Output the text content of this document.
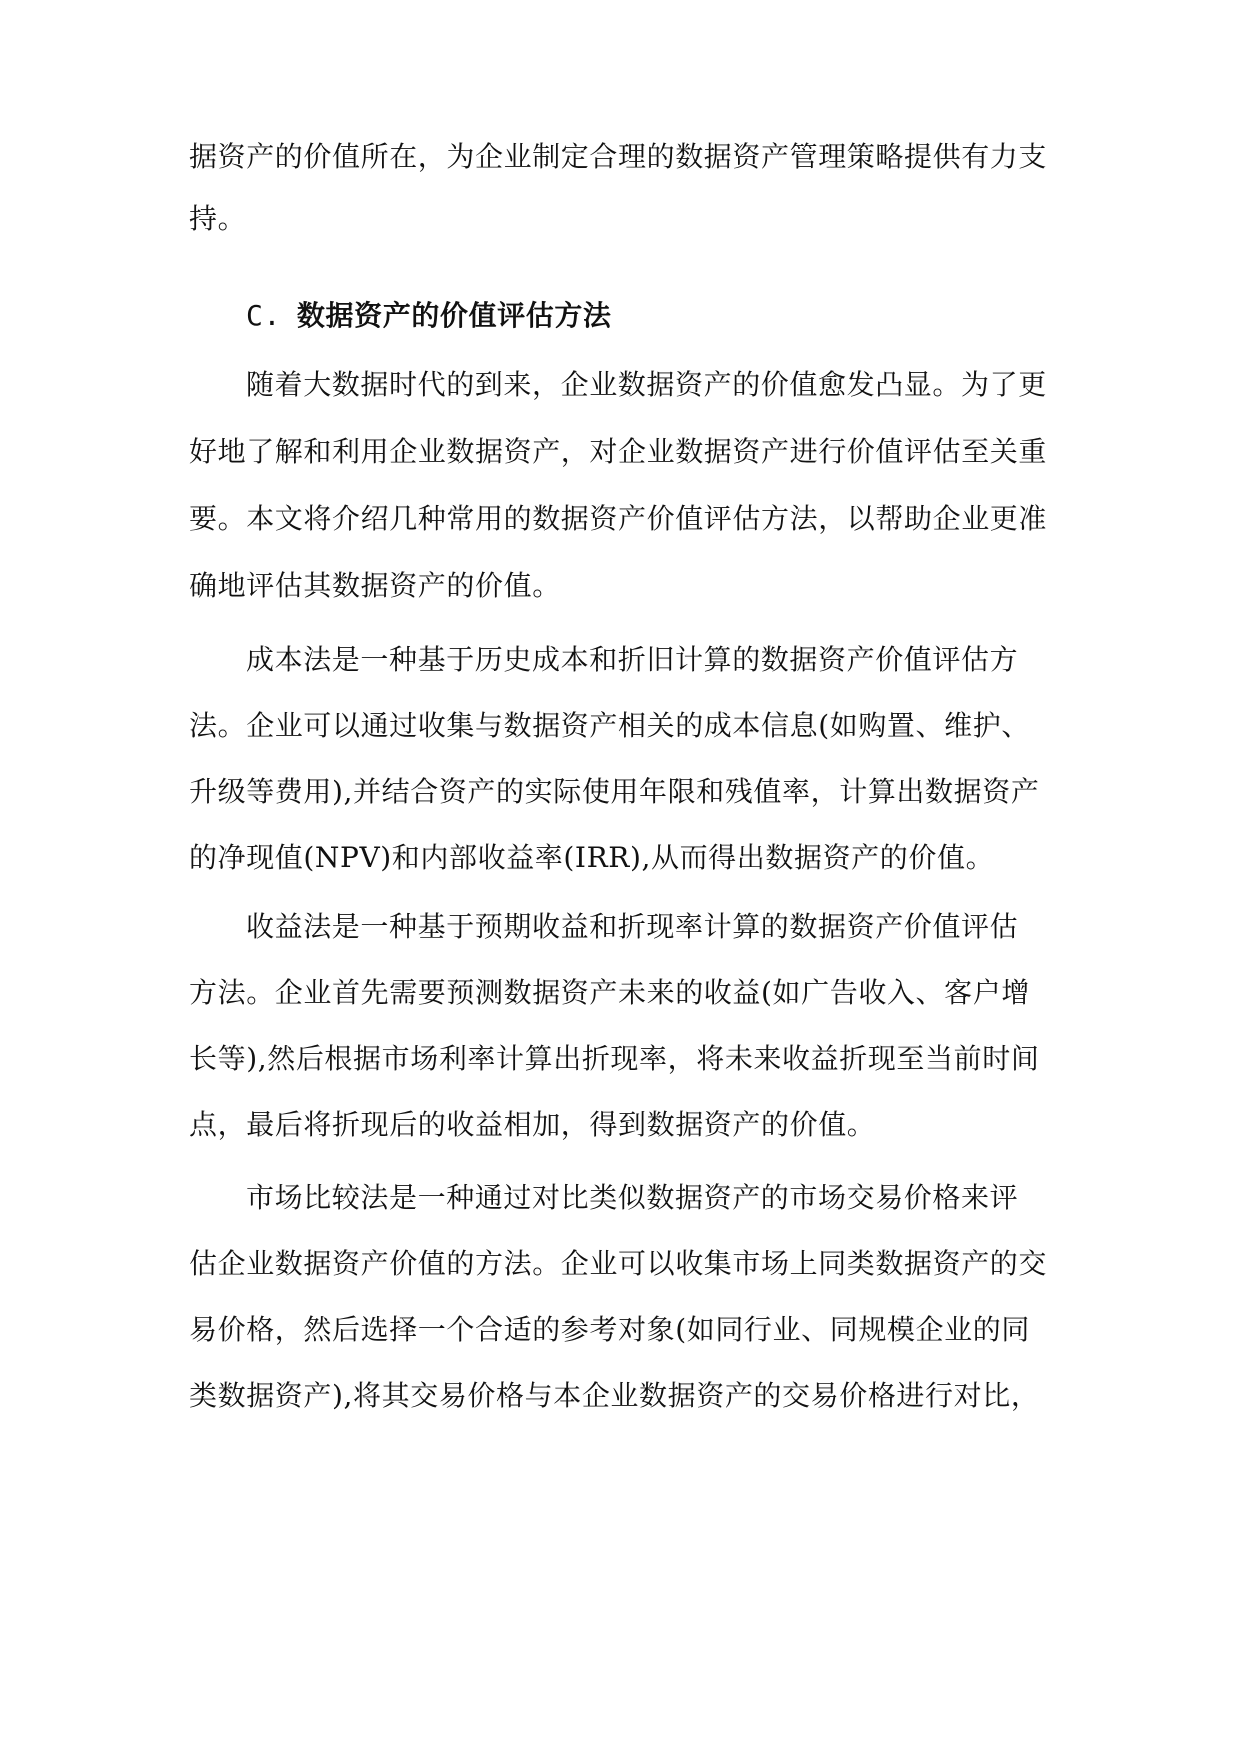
据资产的价值所在，为企业制定合理的数据资产管理策略提供有力支
持。
C. 数据资产的价值评估方法
随着大数据时代的到来，企业数据资产的价值愈发凸显。为了更
好地了解和利用企业数据资产，对企业数据资产进行价值评估至关重
要。本文将介绍几种常用的数据资产价值评估方法，以帮助企业更准
确地评估其数据资产的价值。
成本法是一种基于历史成本和折旧计算的数据资产价值评估方
法。企业可以通过收集与数据资产相关的成本信息(如购置、维护、
升级等费用),并结合资产的实际使用年限和残值率，计算出数据资产
的净现值(NPV)和内部收益率(IRR),从而得出数据资产的价值。
收益法是一种基于预期收益和折现率计算的数据资产价值评估
方法。企业首先需要预测数据资产未来的收益(如广告收入、客户增
长等),然后根据市场利率计算出折现率，将未来收益折现至当前时间
点，最后将折现后的收益相加，得到数据资产的价值。
市场比较法是一种通过对比类似数据资产的市场交易价格来评
估企业数据资产价值的方法。企业可以收集市场上同类数据资产的交
易价格，然后选择一个合适的参考对象(如同行业、同规模企业的同
类数据资产),将其交易价格与本企业数据资产的交易价格进行对比，
